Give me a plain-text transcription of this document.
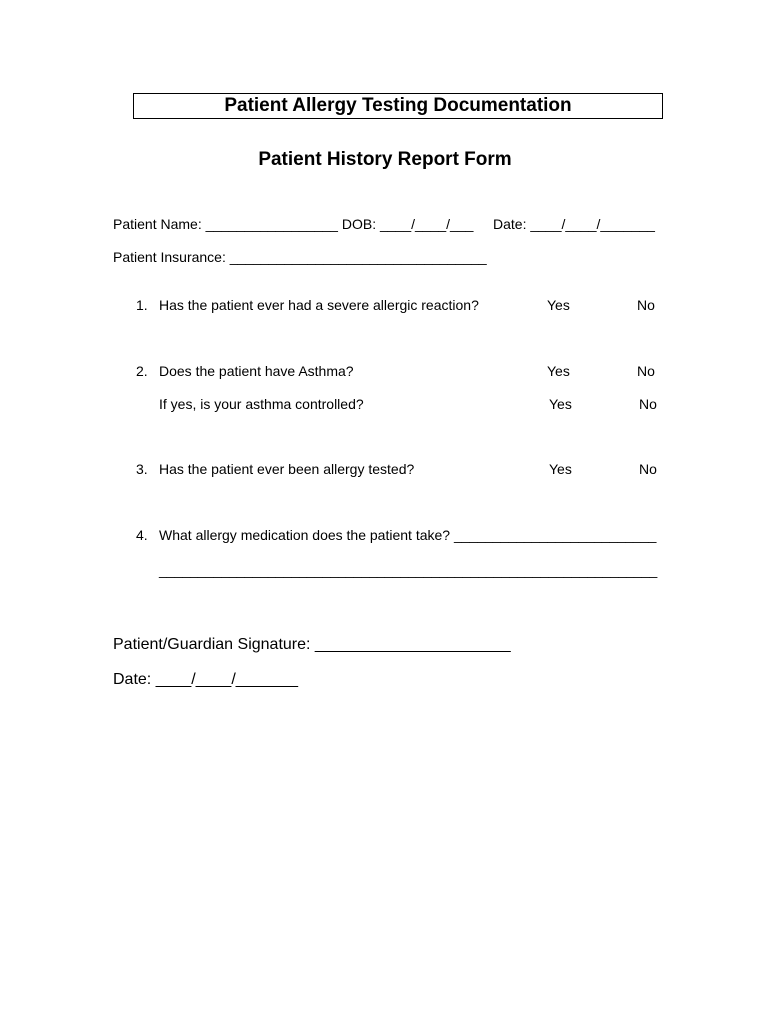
Patient Allergy Testing Documentation
Patient History Report Form
Patient Name: _________________ DOB: ____/____/___ Date: ____/____/_______
Patient Insurance: _________________________________
1. Has the patient ever had a severe allergic reaction?	Yes	No
2. Does the patient have Asthma?	Yes	No
If yes, is your asthma controlled?	Yes	No
3. Has the patient ever been allergy tested?	Yes	No
4. What allergy medication does the patient take? __________________________
________________________________________________________________
Patient/Guardian Signature: ______________________
Date: ____/____/_______
